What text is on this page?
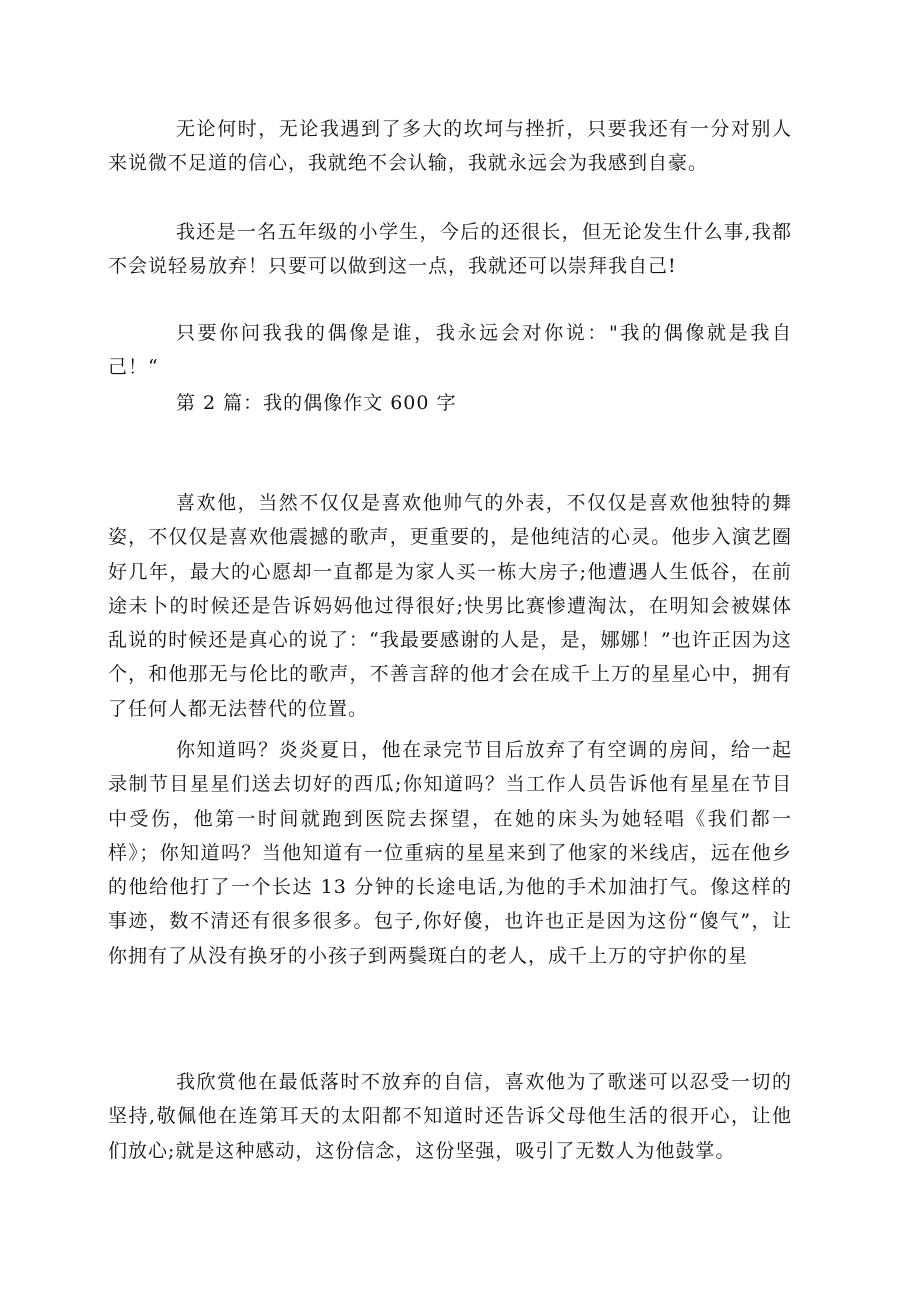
无论何时，无论我遇到了多大的坎坷与挫折，只要我还有一分对别人来说微不足道的信心，我就绝不会认输，我就永远会为我感到自豪。

我还是一名五年级的小学生，今后的还很长，但无论发生什么事,我都不会说轻易放弃！只要可以做到这一点，我就还可以崇拜我自己!

只要你问我我的偶像是谁，我永远会对你说："我的偶像就是我自己！“

第 2 篇：我的偶像作文 600 字

喜欢他，当然不仅仅是喜欢他帅气的外表，不仅仅是喜欢他独特的舞姿，不仅仅是喜欢他震撼的歌声，更重要的，是他纯洁的心灵。他步入演艺圈好几年，最大的心愿却一直都是为家人买一栋大房子;他遭遇人生低谷，在前途未卜的时候还是告诉妈妈他过得很好;快男比赛惨遭淘汰，在明知会被媒体乱说的时候还是真心的说了：“我最要感谢的人是，是，娜娜！”也许正因为这个，和他那无与伦比的歌声，不善言辞的他才会在成千上万的星星心中，拥有了任何人都无法替代的位置。

你知道吗？炎炎夏日，他在录完节目后放弃了有空调的房间，给一起录制节目星星们送去切好的西瓜;你知道吗？当工作人员告诉他有星星在节目中受伤，他第一时间就跑到医院去探望，在她的床头为她轻唱《我们都一样》；你知道吗？当他知道有一位重病的星星来到了他家的米线店，远在他乡的他给他打了一个长达 13 分钟的长途电话,为他的手术加油打气。像这样的事迹，数不清还有很多很多。包子,你好傻，也许也正是因为这份“傻气”，让你拥有了从没有换牙的小孩子到两鬓斑白的老人，成千上万的守护你的星

我欣赏他在最低落时不放弃的自信，喜欢他为了歌迷可以忍受一切的坚持,敬佩他在连第耳天的太阳都不知道时还告诉父母他生活的很开心，让他们放心;就是这种感动，这份信念，这份坚强，吸引了无数人为他鼓掌。
